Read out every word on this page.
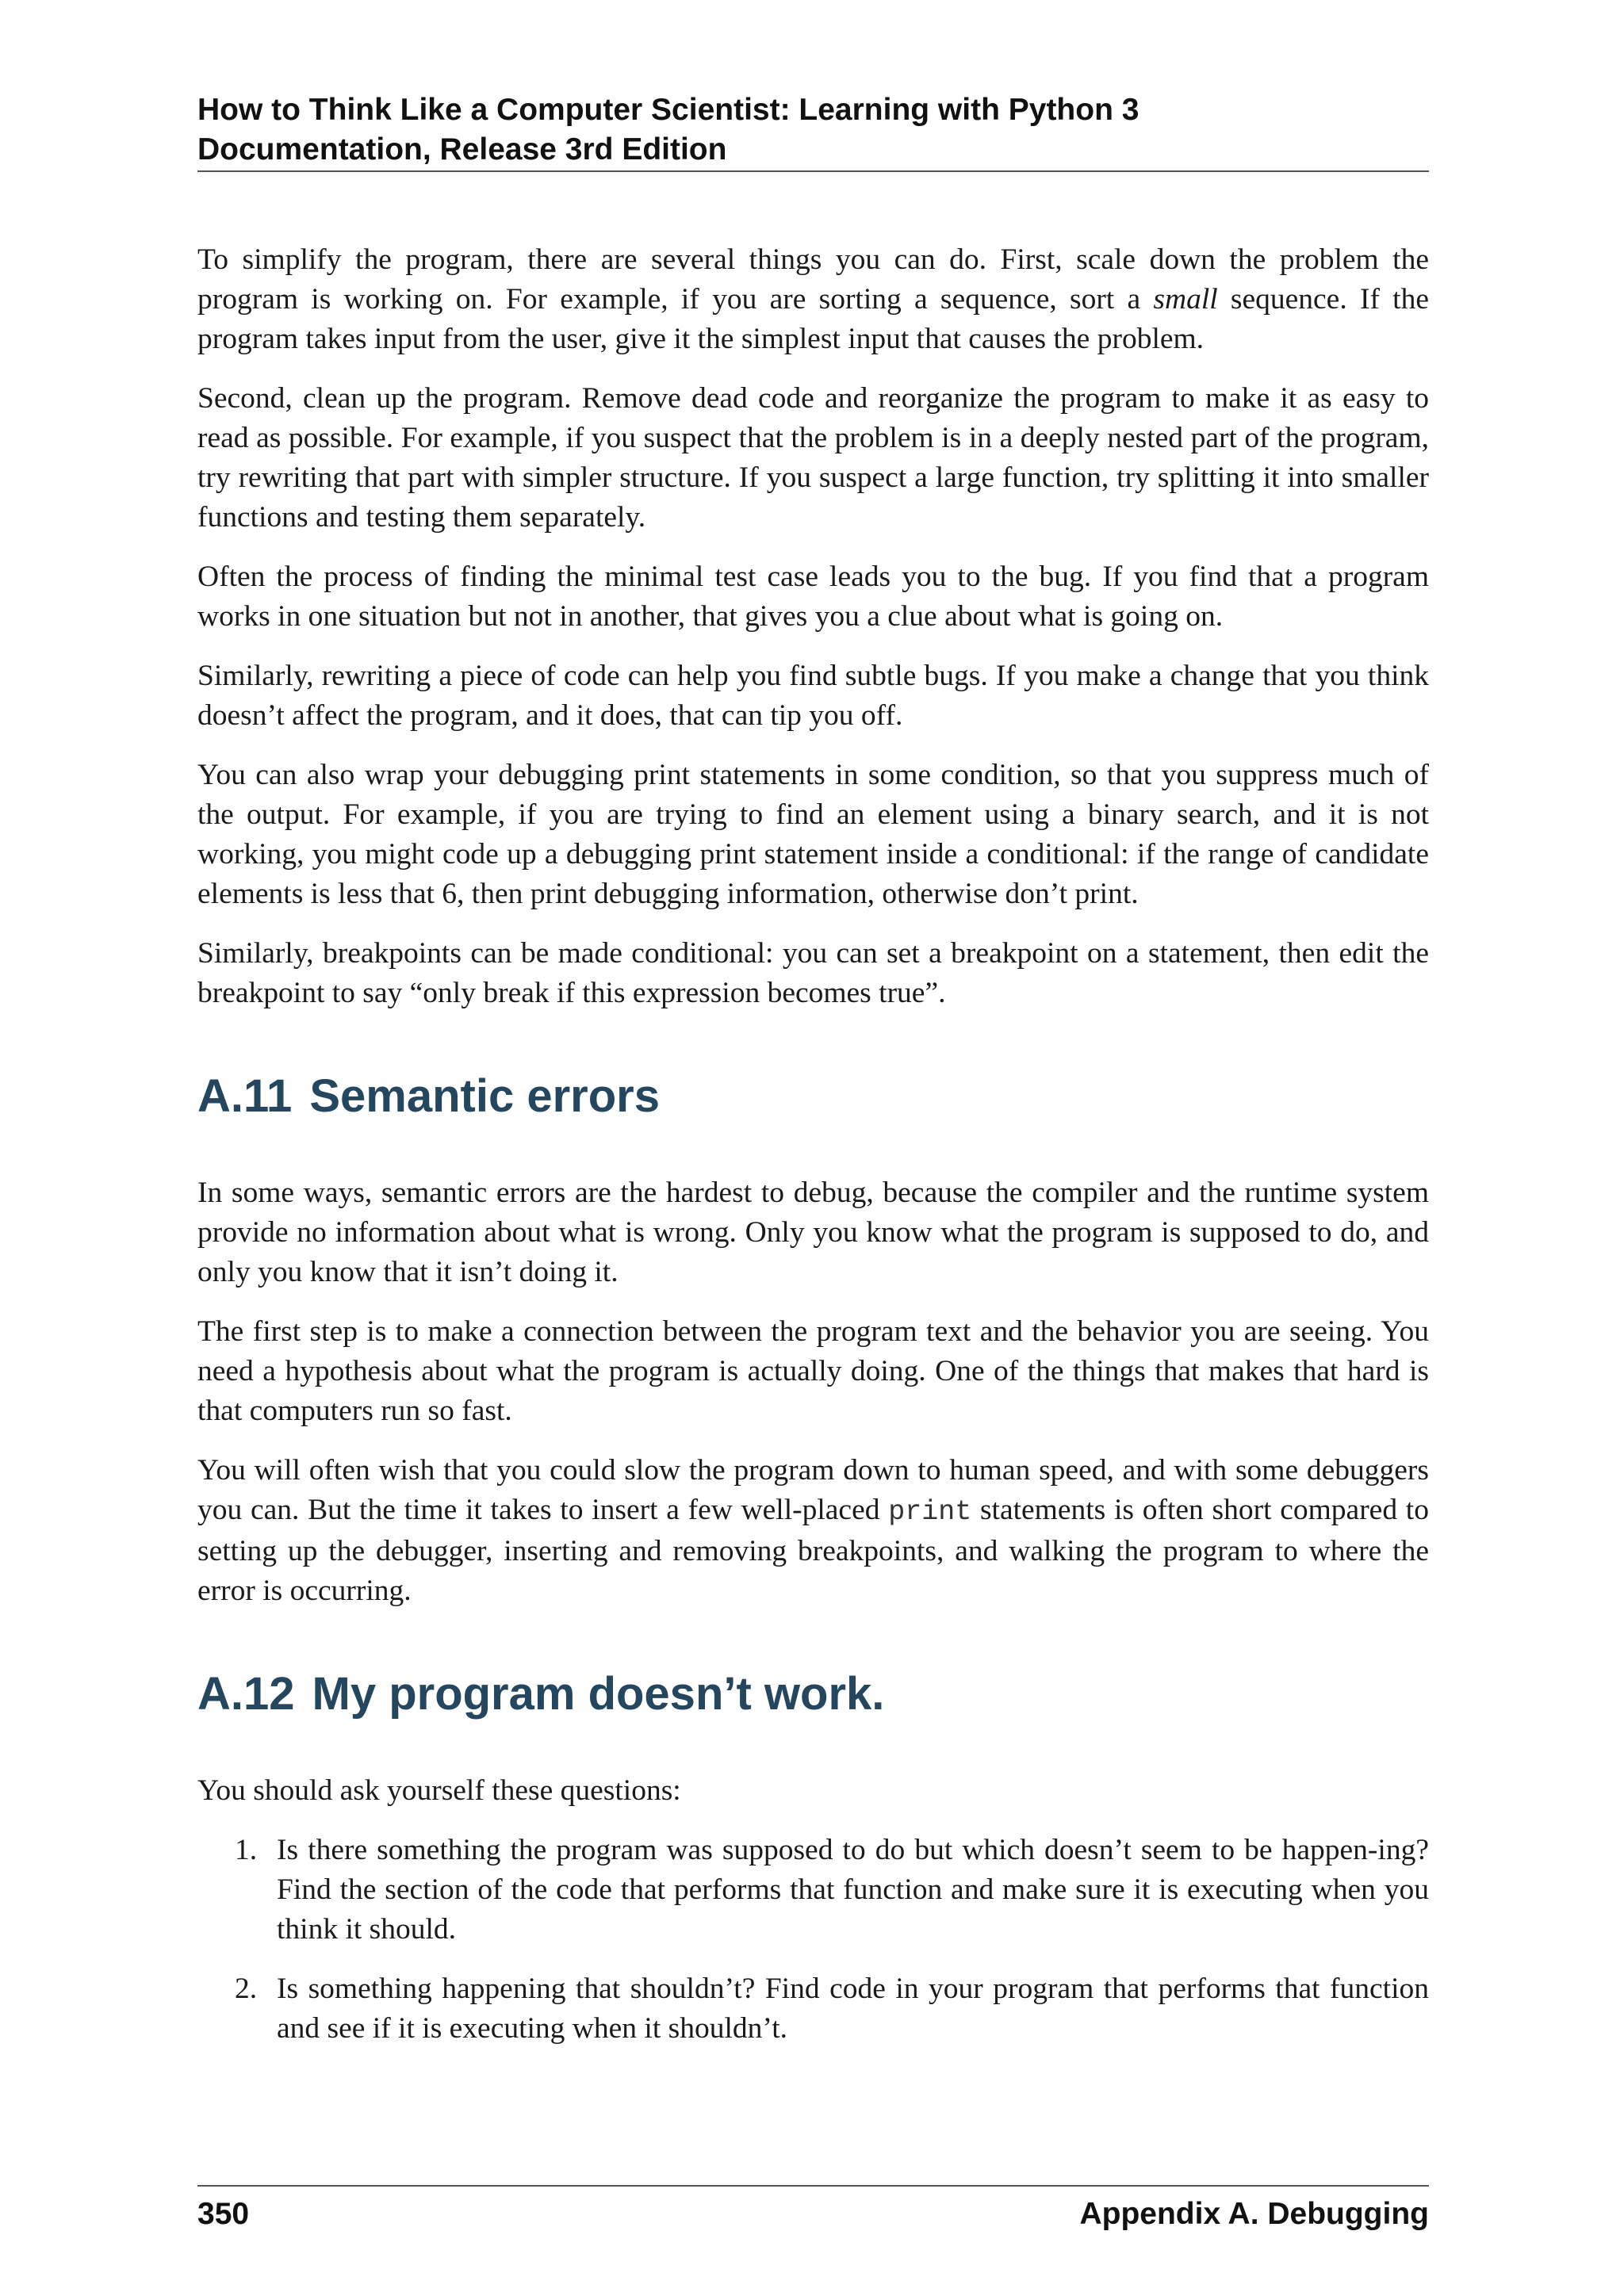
How to Think Like a Computer Scientist: Learning with Python 3
Documentation, Release 3rd Edition

To simplify the program, there are several things you can do. First, scale down the problem the program is working on. For example, if you are sorting a sequence, sort a small sequence. If the program takes input from the user, give it the simplest input that causes the problem.

Second, clean up the program. Remove dead code and reorganize the program to make it as easy to read as possible. For example, if you suspect that the problem is in a deeply nested part of the program, try rewriting that part with simpler structure. If you suspect a large function, try splitting it into smaller functions and testing them separately.

Often the process of finding the minimal test case leads you to the bug. If you find that a program works in one situation but not in another, that gives you a clue about what is going on.

Similarly, rewriting a piece of code can help you find subtle bugs. If you make a change that you think doesn’t affect the program, and it does, that can tip you off.

You can also wrap your debugging print statements in some condition, so that you suppress much of the output. For example, if you are trying to find an element using a binary search, and it is not working, you might code up a debugging print statement inside a conditional: if the range of candidate elements is less that 6, then print debugging information, otherwise don’t print.

Similarly, breakpoints can be made conditional: you can set a breakpoint on a statement, then edit the breakpoint to say “only break if this expression becomes true”.

A.11 Semantic errors

In some ways, semantic errors are the hardest to debug, because the compiler and the runtime system provide no information about what is wrong. Only you know what the program is supposed to do, and only you know that it isn’t doing it.

The first step is to make a connection between the program text and the behavior you are seeing. You need a hypothesis about what the program is actually doing. One of the things that makes that hard is that computers run so fast.

You will often wish that you could slow the program down to human speed, and with some debuggers you can. But the time it takes to insert a few well-placed print statements is often short compared to setting up the debugger, inserting and removing breakpoints, and walking the program to where the error is occurring.

A.12 My program doesn’t work.

You should ask yourself these questions:

1. Is there something the program was supposed to do but which doesn’t seem to be happen-ing? Find the section of the code that performs that function and make sure it is executing when you think it should.
2. Is something happening that shouldn’t? Find code in your program that performs that function and see if it is executing when it shouldn’t.
350	Appendix A. Debugging
